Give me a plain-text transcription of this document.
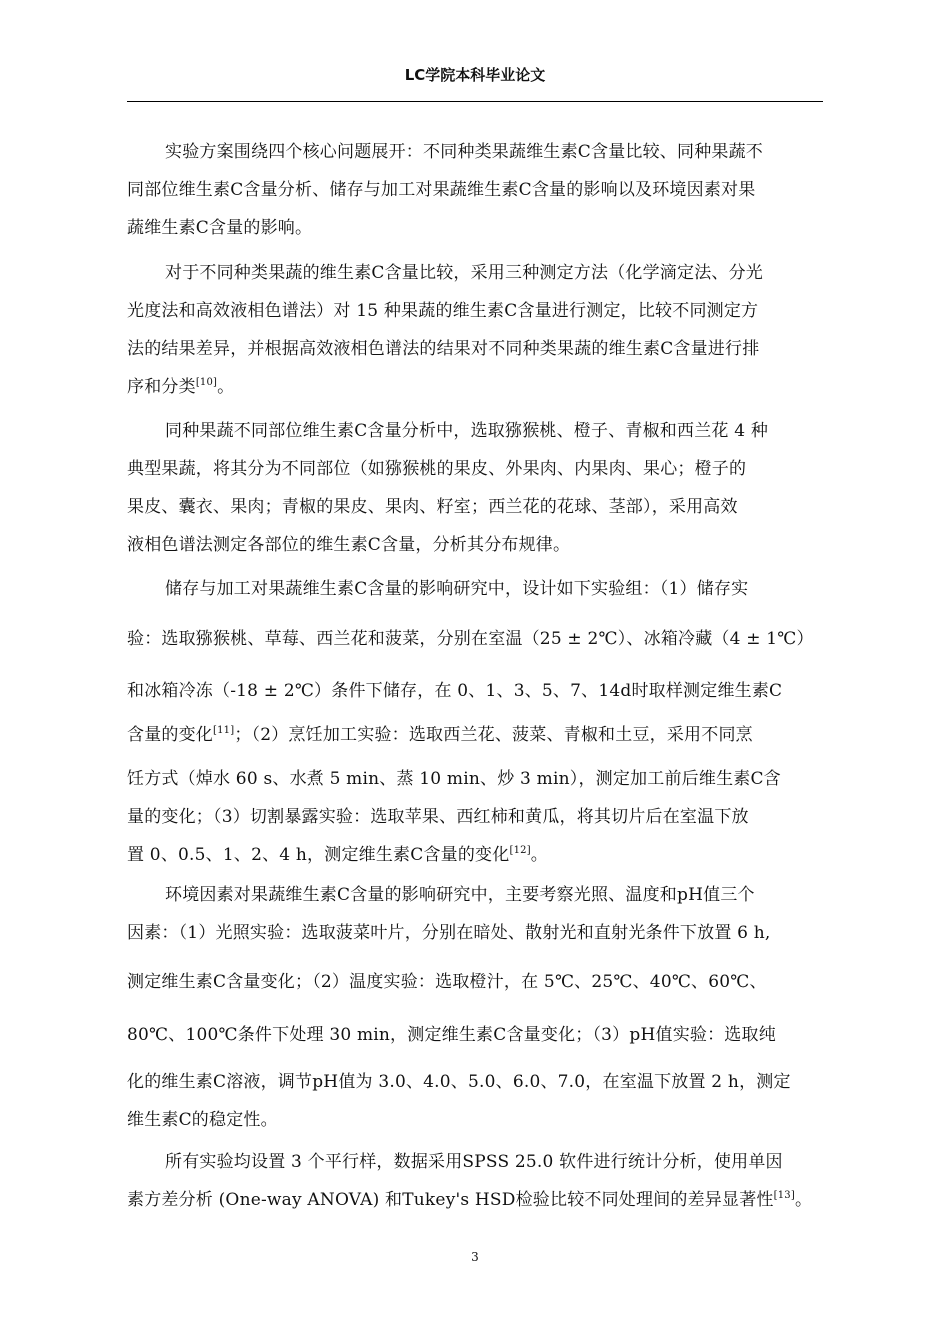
LC学院本科毕业论文
实验方案围绕四个核心问题展开：不同种类果蔬维生素C含量比较、同种果蔬不
同部位维生素C含量分析、储存与加工对果蔬维生素C含量的影响以及环境因素对果
蔬维生素C含量的影响。
对于不同种类果蔬的维生素C含量比较，采用三种测定方法（化学滴定法、分光
光度法和高效液相色谱法）对 15 种果蔬的维生素C含量进行测定，比较不同测定方
法的结果差异，并根据高效液相色谱法的结果对不同种类果蔬的维生素C含量进行排
序和分类[10]。
同种果蔬不同部位维生素C含量分析中，选取猕猴桃、橙子、青椒和西兰花 4 种
典型果蔬，将其分为不同部位（如猕猴桃的果皮、外果肉、内果肉、果心；橙子的
果皮、囊衣、果肉；青椒的果皮、果肉、籽室；西兰花的花球、茎部），采用高效
液相色谱法测定各部位的维生素C含量，分析其分布规律。
储存与加工对果蔬维生素C含量的影响研究中，设计如下实验组：（1）储存实
验：选取猕猴桃、草莓、西兰花和菠菜，分别在室温（25 ± 2℃）、冰箱冷藏（4 ± 1℃）
和冰箱冷冻（-18 ± 2℃）条件下储存，在 0、1、3、5、7、14d时取样测定维生素C
含量的变化[11]；（2）烹饪加工实验：选取西兰花、菠菜、青椒和土豆，采用不同烹
饪方式（焯水 60 s、水煮 5 min、蒸 10 min、炒 3 min），测定加工前后维生素C含
量的变化；（3）切割暴露实验：选取苹果、西红柿和黄瓜，将其切片后在室温下放
置 0、0.5、1、2、4 h，测定维生素C含量的变化[12]。
环境因素对果蔬维生素C含量的影响研究中，主要考察光照、温度和pH值三个
因素：（1）光照实验：选取菠菜叶片，分别在暗处、散射光和直射光条件下放置 6 h,
测定维生素C含量变化；（2）温度实验：选取橙汁，在 5℃、25℃、40℃、60℃、
80℃、100℃条件下处理 30 min，测定维生素C含量变化；（3）pH值实验：选取纯
化的维生素C溶液，调节pH值为 3.0、4.0、5.0、6.0、7.0，在室温下放置 2 h，测定
维生素C的稳定性。
所有实验均设置 3 个平行样，数据采用SPSS 25.0 软件进行统计分析，使用单因
素方差分析 (One-way ANOVA) 和Tukey's HSD检验比较不同处理间的差异显著性[13]。
3
